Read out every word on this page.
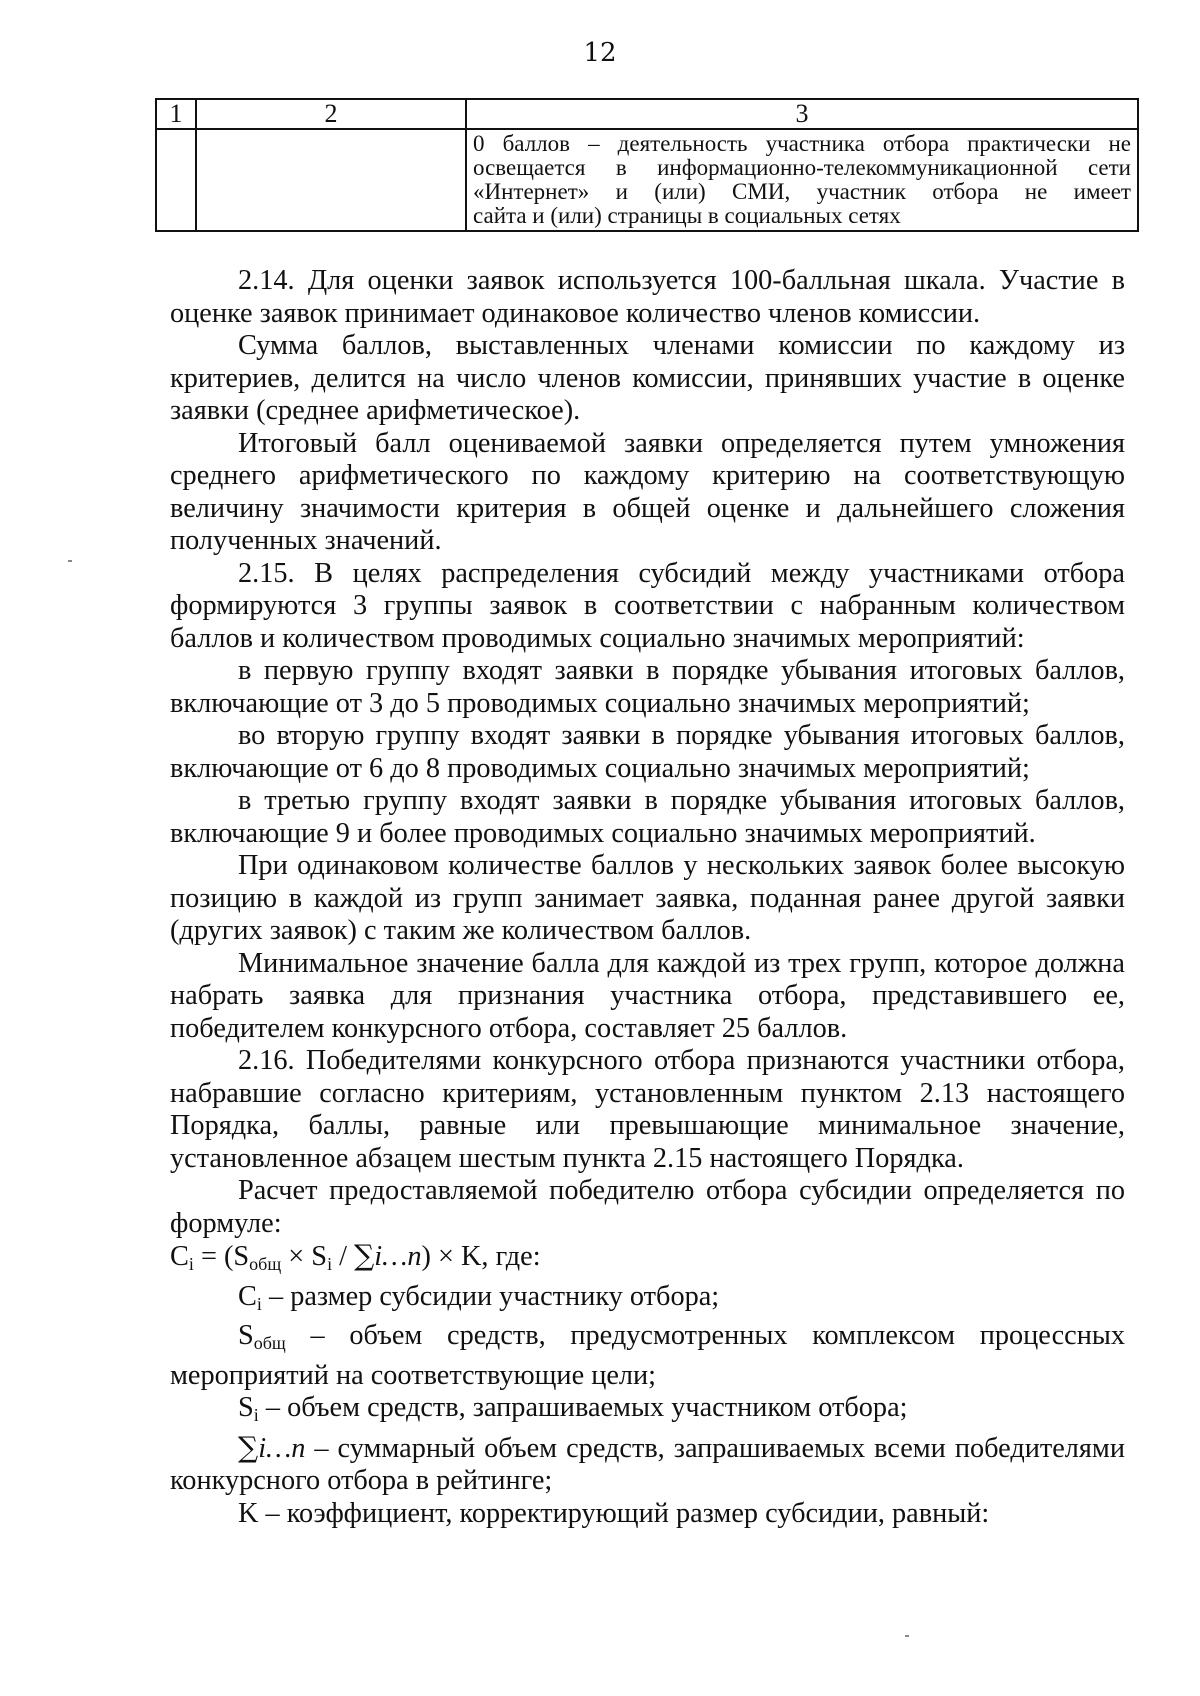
12
1	2	3
		0 баллов – деятельность участника отбора практически не освещается в информационно-телекоммуникационной сети «Интернет» и (или) СМИ, участник отбора не имеет
сайта и (или) страницы в социальных сетях

2.14. Для оценки заявок используется 100-балльная шкала. Участие в оценке заявок принимает одинаковое количество членов комиссии.

Сумма баллов, выставленных членами комиссии по каждому из критериев, делится на число членов комиссии, принявших участие в оценке заявки (среднее арифметическое).

Итоговый балл оцениваемой заявки определяется путем умножения среднего арифметического по каждому критерию на соответствующую величину значимости критерия в общей оценке и дальнейшего сложения полученных значений.

2.15. В целях распределения субсидий между участниками отбора формируются 3 группы заявок в соответствии с набранным количеством баллов и количеством проводимых социально значимых мероприятий:

в первую группу входят заявки в порядке убывания итоговых баллов, включающие от 3 до 5 проводимых социально значимых мероприятий;

во вторую группу входят заявки в порядке убывания итоговых баллов, включающие от 6 до 8 проводимых социально значимых мероприятий;

в третью группу входят заявки в порядке убывания итоговых баллов, включающие 9 и более проводимых социально значимых мероприятий.

При одинаковом количестве баллов у нескольких заявок более высокую позицию в каждой из групп занимает заявка, поданная ранее другой заявки (других заявок) с таким же количеством баллов.

Минимальное значение балла для каждой из трех групп, которое должна набрать заявка для признания участника отбора, представившего ее, победителем конкурсного отбора, составляет 25 баллов.

2.16. Победителями конкурсного отбора признаются участники отбора, набравшие согласно критериям, установленным пунктом 2.13 настоящего Порядка, баллы, равные или превышающие минимальное значение, установленное абзацем шестым пункта 2.15 настоящего Порядка.

Расчет предоставляемой победителю отбора субсидии определяется по формуле:

$C_i = (S_{общ} \times S_i$ / ∑i…n) × K, где:

$C_i$ – размер субсидии участнику отбора;

$S_{общ}$ – объем средств, предусмотренных комплексом процессных мероприятий на соответствующие цели;

$S_i$ – объем средств, запрашиваемых участником отбора;

∑i…n – суммарный объем средств, запрашиваемых всеми победителями конкурсного отбора в рейтинге;

K – коэффициент, корректирующий размер субсидии, равный:
